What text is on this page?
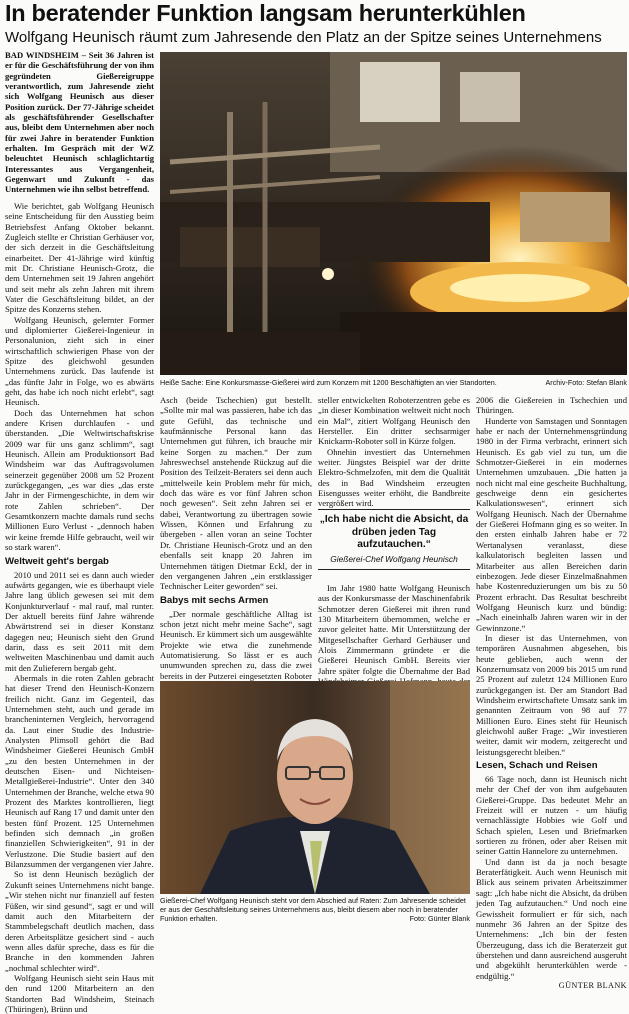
In beratender Funktion langsam herunterkühlen
Wolfgang Heunisch räumt zum Jahresende den Platz an der Spitze seines Unternehmens

BAD WINDSHEIM – Seit 36 Jahren ist er für die Geschäftsführung der von ihm gegründeten Gießereigruppe verantwortlich, zum Jahresende zieht sich Wolfgang Heunisch aus dieser Position zurück. Der 77-Jährige scheidet als geschäftsführender Gesellschafter aus, bleibt dem Unternehmen aber noch für zwei Jahre in beratender Funktion erhalten. Im Gespräch mit der WZ beleuchtet Heunisch schlaglichtartig Interessantes aus Vergangenheit, Gegenwart und Zukunft - das Unternehmen wie ihn selbst betreffend.

Wie berichtet, gab Wolfgang Heunisch seine Entscheidung für den Ausstieg beim Betriebsfest Anfang Oktober bekannt. Zugleich stellte er Christian Gerhäuser vor, der sich derzeit in die Geschäftsleitung einarbeitet. Der 41-Jährige wird künftig mit Dr. Christiane Heunisch-Grotz, die dem Unternehmen seit 19 Jahren angehört und seit mehr als zehn Jahren mit ihrem Vater die Geschäftsleitung bildet, an der Spitze des Konzerns stehen.

Wolfgang Heunisch, gelernter Former und diplomierter Gießerei-Ingenieur in Personalunion, zieht sich in einer wirtschaftlich schwierigen Phase von der Spitze des gleichwohl gesunden Unternehmens zurück. Das laufende ist „das fünfte Jahr in Folge, wo es abwärts geht, das habe ich noch nicht erlebt“, sagt Heunisch.

Doch das Unternehmen hat schon andere Krisen durchlaufen - und überstanden. „Die Weltwirtschaftskrise 2009 war für uns ganz schlimm“, sagt Heunisch. Allein am Produktionsort Bad Windsheim war das Auftragsvolumen seinerzeit gegenüber 2008 um 52 Prozent zurückgegangen, „es war dies „das erste Jahr in der Firmengeschichte, in dem wir rote Zahlen schrieben“. Der Gesamtkonzern machte damals rund sechs Millionen Euro Verlust - „dennoch haben wir keine fremde Hilfe gebraucht, weil wir so stark waren“.

Weltweit geht's bergab

2010 und 2011 sei es dann auch wieder aufwärts gegangen, wie es überhaupt viele Jahre lang üblich gewesen sei mit dem Konjunkturverlauf - mal rauf, mal runter. Der aktuell bereits fünf Jahre währende Abwärtstrend sei in dieser Konstanz dagegen neu; Heunisch sieht den Grund darin, dass es seit 2011 mit dem weltweiten Maschinenbau und damit auch mit den Zulieferern bergab geht.

Abermals in die roten Zahlen gebracht hat dieser Trend den Heunisch-Konzern freilich nicht. Ganz im Gegenteil, das Unternehmen steht, auch und gerade im brancheninternen Vergleich, hervorragend da. Laut einer Studie des Industrie-Analysten Plimsoll gehört die Bad Windsheimer Gießerei Heunisch GmbH „zu den besten Unternehmen in der deutschen Eisen- und Nichteisen-Metallgießerei-Industrie“. Unter den 340 Unternehmen der Branche, welche etwa 90 Prozent des Marktes kontrollieren, liegt Heunisch auf Rang 17 und damit unter den besten fünf Prozent. 125 Unternehmen befinden sich demnach „in großen finanziellen Schwierigkeiten“, 91 in der Verlustzone. Die Studie basiert auf den Bilanzsummen der vergangenen vier Jahre.

So ist denn Heunisch bezüglich der Zukunft seines Unternehmens nicht bange. „Wir stehen nicht nur finanziell auf festen Füßen, wir sind gesund“, sagt er und will damit auch den Mitarbeitern der Stammbelegschaft deutlich machen, dass deren Arbeitsplätze gesichert sind - auch wenn alles dafür spreche, dass es für die Branche in den kommenden Jahren „nochmal schlechter wird“.

Wolfgang Heunisch sieht sein Haus mit den rund 1200 Mitarbeitern an den Standorten Bad Windsheim, Steinach (Thüringen), Brünn und

Heiße Sache: Eine Konkursmasse-Gießerei wird zum Konzern mit 1200 Beschäftigten an vier Standorten.	Archiv-Foto: Stefan Blank

Asch (beide Tschechien) gut bestellt. „Sollte mir mal was passieren, habe ich das gute Gefühl, das technische und kaufmännische Personal kann das Unternehmen gut führen, ich brauche mir keine Sorgen zu machen.“ Der zum Jahreswechsel anstehende Rückzug auf die Position des Teilzeit-Beraters sei denn auch „mittelweile kein Problem mehr für mich, doch das wäre es vor fünf Jahren schon noch gewesen“. Seit zehn Jahren sei er dabei, Verantwortung zu übertragen sowie Wissen, Können und Erfahrung zu übergeben - allen voran an seine Tochter Dr. Christiane Heunisch-Grotz und an den ebenfalls seit knapp 20 Jahren im Unternehmen tätigen Dietmar Eckl, der in den vergangenen Jahren „ein erstklassiger Technischer Leiter geworden“ sei.

Babys mit sechs Armen

„Der normale geschäftliche Alltag ist schon jetzt nicht mehr meine Sache“, sagt Heunisch. Er kümmert sich um ausgewählte Projekte wie etwa die zunehmende Automatisierung. So lässt er es auch unumwunden sprechen zu, dass die zwei bereits in der Putzerei eingesetzten Roboter

steller entwickelten Roboterzentren gebe es „in dieser Kombination weltweit nicht noch ein Mal“, zitiert Wolfgang Heunisch den Hersteller. Ein dritter sechsarmiger Knickarm-Roboter soll in Kürze folgen.

Ohnehin investiert das Unternehmen weiter. Jüngstes Beispiel war der dritte Elektro-Schmelzofen, mit dem die Qualität des in Bad Windsheim erzeugten Eisengusses weiter erhöht, die Bandbreite vergrößert wird.

„Ich habe nicht die Absicht, da drüben jeden Tag aufzutauchen.“
Gießerei-Chef Wolfgang Heunisch

Im Jahr 1980 hatte Wolfgang Heunisch aus der Konkursmasse der Maschinenfabrik Schmotzer deren Gießerei mit ihren rund 130 Mitarbeitern übernommen, welche er zuvor geleitet hatte. Mit Unterstützung der Mitgesellschafter Gerhard Gerhäuser und Alois Zimmermann gründete er die Gießerei Heunisch GmbH. Bereits vier Jahre später folgte die Übernahme der Bad

2006 die Gießereien in Tschechien und Thüringen.

Hunderte von Samstagen und Sonntagen habe er nach der Unternehmensgründung 1980 in der Firma verbracht, erinnert sich Heunisch. Es gab viel zu tun, um die Schmotzer-Gießerei in ein modernes Unternehmen umzubauen. „Die hatten ja noch nicht mal eine gescheite Buchhaltung, geschweige denn ein gesichertes Kalkulationswesen“, erinnert sich Wolfgang Heunisch. Nach der Übernahme der Gießerei Hofmann ging es so weiter. In den ersten einhalb Jahren habe er 72 Wertanalysen veranlasst, diese kalkulatorisch begleiten lassen und Mitarbeiter aus allen Bereichen darin einbezogen. Jede dieser Einzelmaßnahmen habe Kostenreduzierungen um bis zu 50 Prozent erbracht. Das Resultat beschreibt Wolfgang Heunisch kurz und bündig: „Nach eineinhalb Jahren waren wir in der Gewinnzone.“

In dieser ist das Unternehmen, von temporären Ausnahmen abgesehen, bis heute geblieben, auch wenn der Konzernumsatz von 2009 bis 2015 um rund 25 Prozent auf zuletzt 124 Millionen Euro zurückgegangen ist. Der am Standort Bad Windsheim erwirtschaftete Umsatz sank im genannten Zeitraum von 98 auf 77 Millionen Euro. Eines steht für Heunisch gleichwohl außer Frage: „Wir investieren weiter, damit wir modern, zeitgerecht und leistungsgerecht bleiben.“

Lesen, Schach und Reisen

66 Tage noch, dann ist Heunisch nicht mehr der Chef der von ihm aufgebauten Gießerei-Gruppe. Das bedeutet Mehr an Freizeit will er nutzen - um häufig vernachlässigte Hobbies wie Golf und Schach spielen, Lesen und Briefmarken sortieren zu frönen, oder aber Reisen mit seiner Gattin Hannelore zu unternehmen.

Und dann ist da ja noch besagte Beraterfätigkeit. Auch wenn Heunisch mit Blick aus seinem privaten Arbeitszimmer sagt: „Ich habe nicht die Absicht, da drüben jeden Tag aufzutauchen.“ Und noch eine Gewissheit formuliert er für sich, nach nunmehr 36 Jahren an der Spitze des Unternehmens: „Ich bin der festen Überzeugung, dass ich die Beraterzeit gut überstehen und dann ausreichend ausgeruht und abgekühlt herunterkühlen werde - endgültig.“

GÜNTER BLANK
Gießerei-Chef Wolfgang Heunisch steht vor dem Abschied auf Raten: Zum Jahresende scheidet er aus der Geschäftsleitung seines Unternehmens aus, bleibt diesem aber noch in beratender Funktion erhalten.	Foto: Günter Blank
